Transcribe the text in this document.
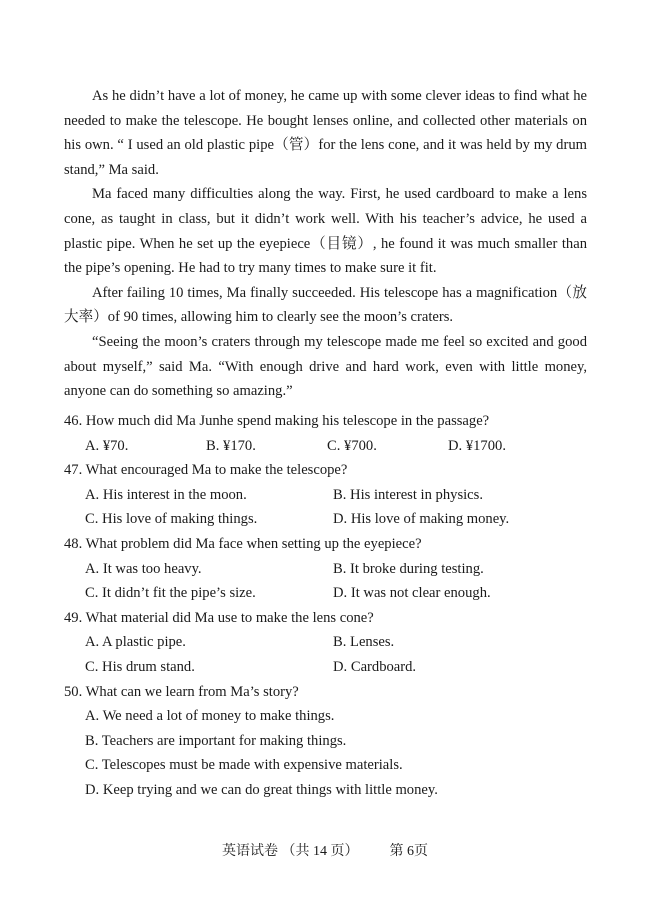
As he didn’t have a lot of money, he came up with some clever ideas to find what he needed to make the telescope. He bought lenses online, and collected other materials on his own. “ I used an old plastic pipe（管）for the lens cone, and it was held by my drum stand,” Ma said.

Ma faced many difficulties along the way. First, he used cardboard to make a lens cone, as taught in class, but it didn’t work well. With his teacher’s advice, he used a plastic pipe. When he set up the eyepiece（目镜）, he found it was much smaller than the pipe’s opening. He had to try many times to make sure it fit.

After failing 10 times, Ma finally succeeded. His telescope has a magnification（放大率）of 90 times, allowing him to clearly see the moon’s craters.

“Seeing the moon’s craters through my telescope made me feel so excited and good about myself,” said Ma. “With enough drive and hard work, even with little money, anyone can do something so amazing.”

46. How much did Ma Junhe spend making his telescope in the passage?

A. ¥70.	B. ¥170.	C. ¥700.	D. ¥1700.

47. What encouraged Ma to make the telescope?

A. His interest in the moon.	B. His interest in physics.
C. His love of making things.	D. His love of making money.

48. What problem did Ma face when setting up the eyepiece?

A. It was too heavy.	B. It broke during testing.
C. It didn’t fit the pipe’s size.	D. It was not clear enough.

49. What material did Ma use to make the lens cone?

A. A plastic pipe.	B. Lenses.
C. His drum stand.	D. Cardboard.

50. What can we learn from Ma’s story?

A. We need a lot of money to make things.
B. Teachers are important for making things.
C. Telescopes must be made with expensive materials.
D. Keep trying and we can do great things with little money.
英语试卷 （共 14 页） 第 6页
